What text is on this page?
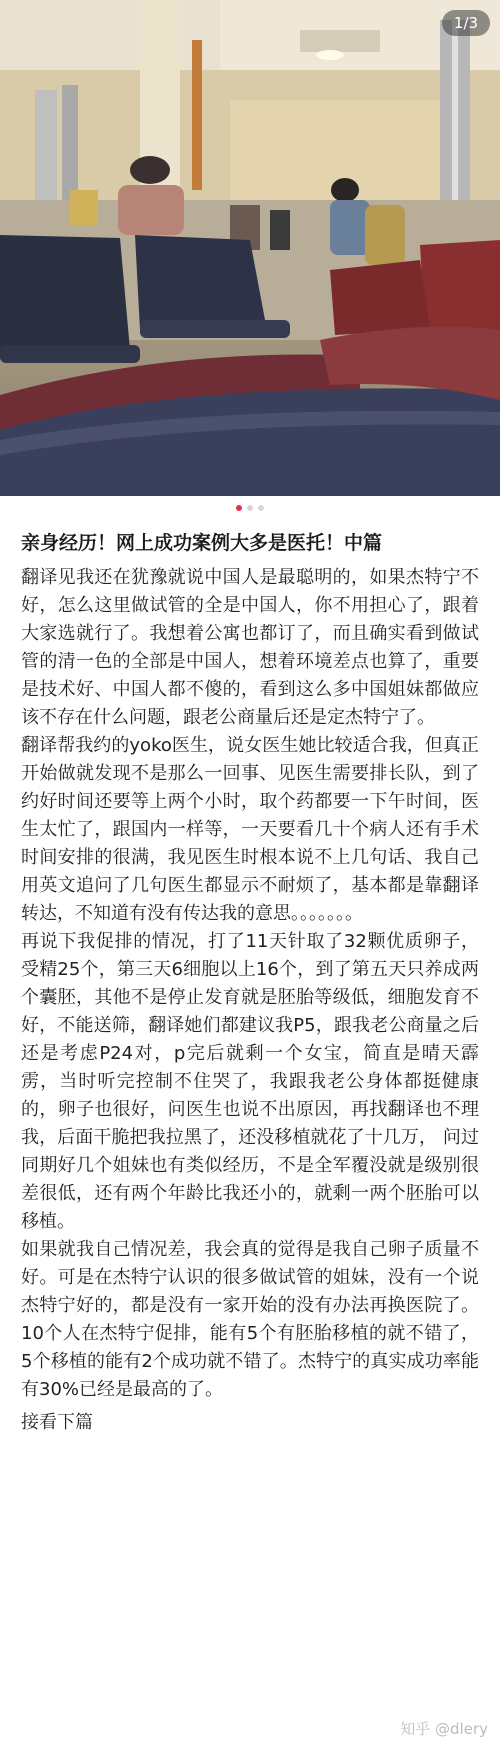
1/3
亲身经历！网上成功案例大多是医托！中篇

翻译见我还在犹豫就说中国人是最聪明的，如果杰特宁不好，怎么这里做试管的全是中国人，你不用担心了，跟着大家选就行了。我想着公寓也都订了，而且确实看到做试管的清一色的全部是中国人，想着环境差点也算了，重要是技术好、中国人都不傻的，看到这么多中国姐妹都做应该不存在什么问题，跟老公商量后还是定杰特宁了。

翻译帮我约的yoko医生，说女医生她比较适合我，但真正开始做就发现不是那么一回事、见医生需要排长队，到了约好时间还要等上两个小时，取个药都要一下午时间，医生太忙了，跟国内一样等，一天要看几十个病人还有手术时间安排的很满，我见医生时根本说不上几句话、我自己用英文追问了几句医生都显示不耐烦了，基本都是靠翻译转达，不知道有没有传达我的意思。。。。。。。

再说下我促排的情况，打了11天针取了32颗优质卵子，受精25个，第三天6细胞以上16个，到了第五天只养成两个囊胚，其他不是停止发育就是胚胎等级低，细胞发育不好，不能送筛，翻译她们都建议我P5，跟我老公商量之后还是考虑P24对，p完后就剩一个女宝，简直是晴天霹雳，当时听完控制不住哭了，我跟我老公身体都挺健康的，卵子也很好，问医生也说不出原因，再找翻译也不理我，后面干脆把我拉黑了，还没移植就花了十几万， 问过同期好几个姐妹也有类似经历，不是全军覆没就是级别很差很低，还有两个年龄比我还小的，就剩一两个胚胎可以移植。

如果就我自己情况差，我会真的觉得是我自己卵子质量不好。可是在杰特宁认识的很多做试管的姐妹，没有一个说杰特宁好的，都是没有一家开始的没有办法再换医院了。10个人在杰特宁促排，能有5个有胚胎移植的就不错了，5个移植的能有2个成功就不错了。杰特宁的真实成功率能有30%已经是最高的了。

接看下篇

知乎 @dlery
